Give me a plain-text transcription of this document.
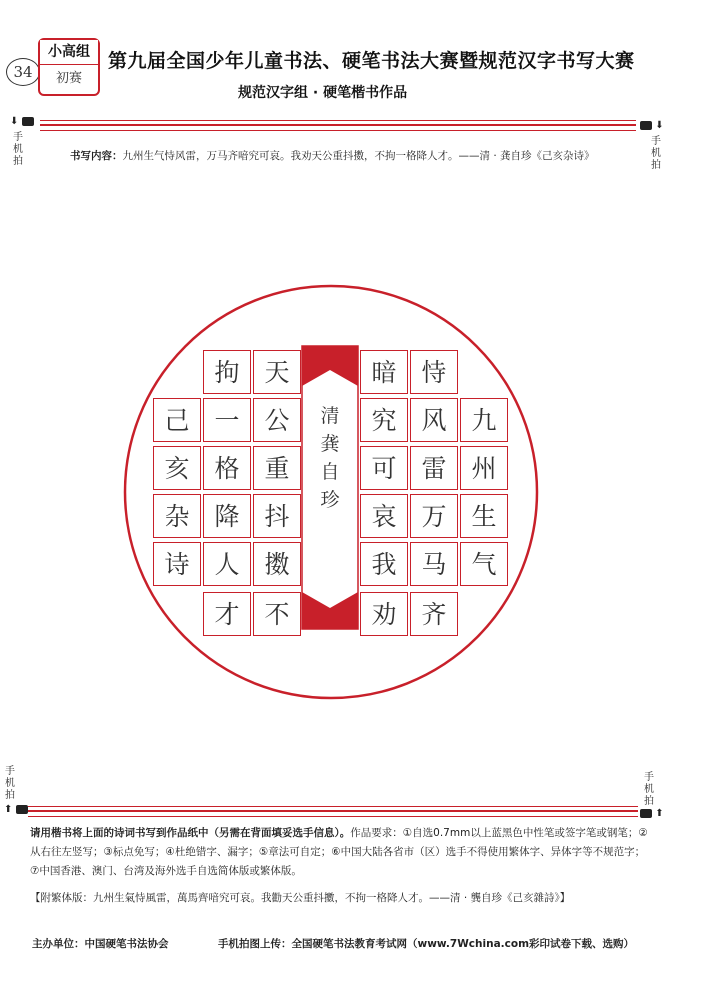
34
小高组
初赛
第九届全国少年儿童书法、硬笔书法大赛暨规范汉字书写大赛
规范汉字组 · 硬笔楷书作品
⬇
手机拍
⬇
手机拍
书写内容：九州生气恃风雷，万马齐喑究可哀。我劝天公重抖擞，不拘一格降人才。——清 · 龚自珍《己亥杂诗》
九
州
生
气
恃
风
雷
万
马
齐
暗
究
可
哀
我
劝
清
龚
自
珍
天
公
重
抖
擞
不
拘
一
格
降
人
才
己
亥
杂
诗
手机拍
⬆
手机拍
⬆
请用楷书将上面的诗词书写到作品纸中（另需在背面填妥选手信息）。作品要求：①自选0.7mm以上蓝黑色中性笔或签字笔或钢笔；②从右往左竖写；③标点免写；④杜绝错字、漏字；⑤章法可自定；⑥中国大陆各省市（区）选手不得使用繁体字、异体字等不规范字；⑦中国香港、澳门、台湾及海外选手自选简体版或繁体版。
【附繁体版：九州生氣恃風雷，萬馬齊喑究可哀。我勸天公重抖擻，不拘一格降人才。——清 · 龔自珍《己亥雜詩》】
主办单位：中国硬笔书法协会	手机拍图上传：全国硬笔书法教育考试网（www.7Wchina.com彩印试卷下载、选购）
